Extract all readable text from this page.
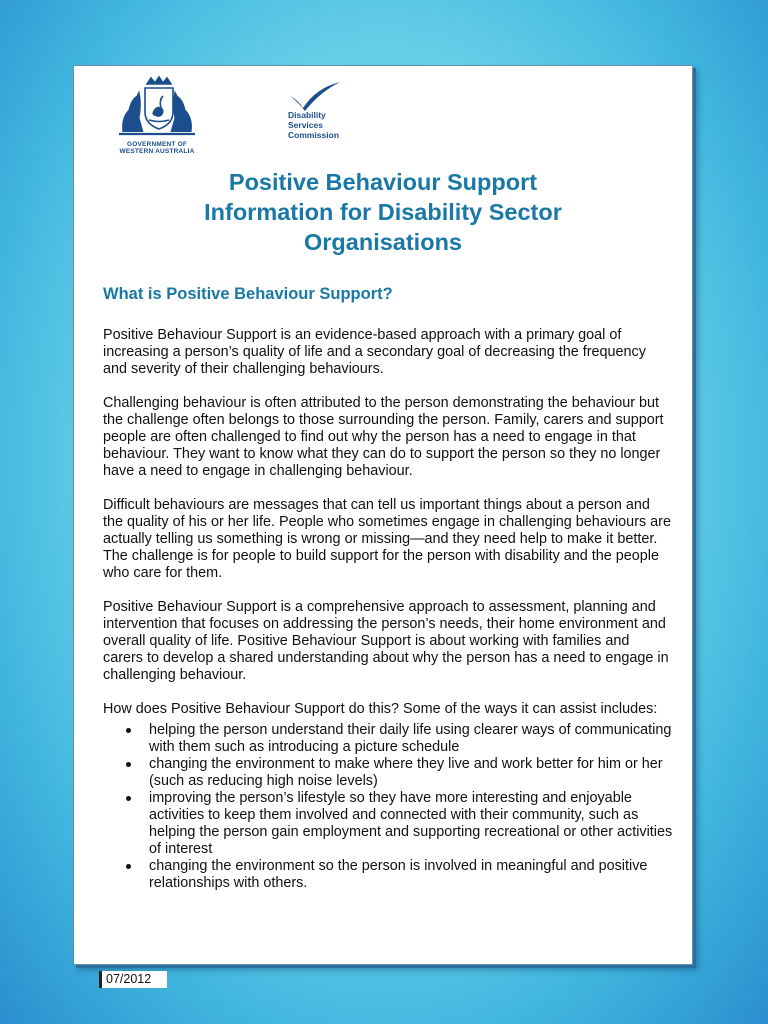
GOVERNMENT OF
WESTERN AUSTRALIA
Disability
Services
Commission
Positive Behaviour Support
Information for Disability Sector
Organisations
What is Positive Behaviour Support?

Positive Behaviour Support is an evidence-based approach with a primary goal of increasing a person’s quality of life and a secondary goal of decreasing the frequency and severity of their challenging behaviours.

Challenging behaviour is often attributed to the person demonstrating the behaviour but the challenge often belongs to those surrounding the person. Family, carers and support people are often challenged to find out why the person has a need to engage in that behaviour. They want to know what they can do to support the person so they no longer have a need to engage in challenging behaviour.

Difficult behaviours are messages that can tell us important things about a person and the quality of his or her life. People who sometimes engage in challenging behaviours are actually telling us something is wrong or missing—and they need help to make it better. The challenge is for people to build support for the person with disability and the people who care for them.

Positive Behaviour Support is a comprehensive approach to assessment, planning and intervention that focuses on addressing the person’s needs, their home environment and overall quality of life. Positive Behaviour Support is about working with families and carers to develop a shared understanding about why the person has a need to engage in challenging behaviour.

How does Positive Behaviour Support do this? Some of the ways it can assist includes:

helping the person understand their daily life using clearer ways of communicating with them such as introducing a picture schedule
changing the environment to make where they live and work better for him or her (such as reducing high noise levels)
improving the person’s lifestyle so they have more interesting and enjoyable activities to keep them involved and connected with their community, such as helping the person gain employment and supporting recreational or other activities of interest
changing the environment so the person is involved in meaningful and positive relationships with others.
07/2012
